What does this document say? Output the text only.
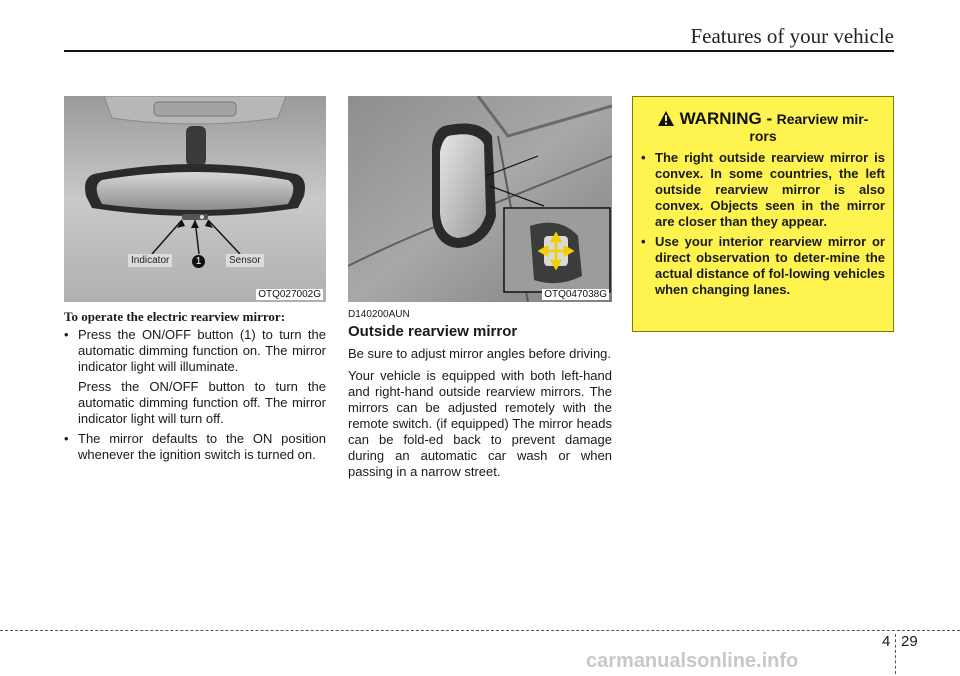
Features of your vehicle
Indicator	1	Sensor
OTQ027002G
To operate the electric rearview mirror:

• Press the ON/OFF button (1) to turn the automatic dimming function on. The mirror indicator light will illuminate.

Press the ON/OFF button to turn the automatic dimming function off. The mirror indicator light will turn off.

• The mirror defaults to the ON position whenever the ignition switch is turned on.

OTQ047038G
D140200AUN
Outside rearview mirror

Be sure to adjust mirror angles before driving.

Your vehicle is equipped with both left-hand and right-hand outside rearview mirrors. The mirrors can be adjusted remotely with the remote switch. (if equipped) The mirror heads can be fold-ed back to prevent damage during an automatic car wash or when passing in a narrow street.

WARNING - Rearview mir-
rors
• The right outside rearview mirror is convex. In some countries, the left outside rearview mirror is also convex. Objects seen in the mirror are closer than they appear.
• Use your interior rearview mirror or direct observation to deter-mine the actual distance of fol-lowing vehicles when changing lanes.
4 29
carmanualsonline.info
